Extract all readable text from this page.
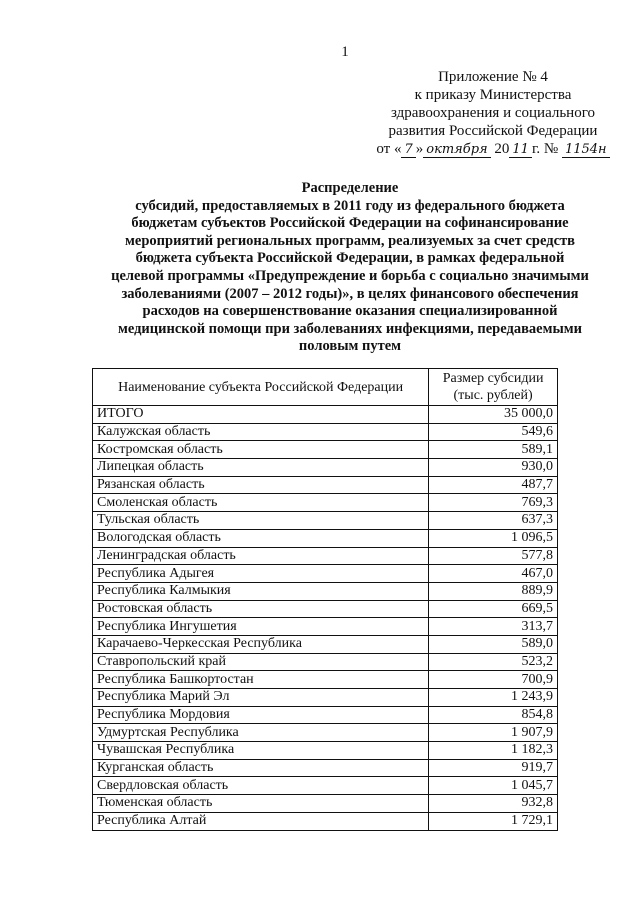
1
Приложение № 4
к приказу Министерства
здравоохранения и социального
развития Российской Федерации
от « 7 » октября 20 11 г. № 1154н
Распределение
субсидий, предоставляемых в 2011 году из федерального бюджета
бюджетам субъектов Российской Федерации на софинансирование
мероприятий региональных программ, реализуемых за счет средств
бюджета субъекта Российской Федерации, в рамках федеральной
целевой программы «Предупреждение и борьба с социально значимыми
заболеваниями (2007 – 2012 годы)», в целях финансового обеспечения
расходов на совершенствование оказания специализированной
медицинской помощи при заболеваниях инфекциями, передаваемыми
половым путем
Наименование субъекта Российской Федерации	Размер субсидии
(тыс. рублей)
ИТОГО	35 000,0
Калужская область	549,6
Костромская область	589,1
Липецкая область	930,0
Рязанская область	487,7
Смоленская область	769,3
Тульская область	637,3
Вологодская область	1 096,5
Ленинградская область	577,8
Республика Адыгея	467,0
Республика Калмыкия	889,9
Ростовская область	669,5
Республика Ингушетия	313,7
Карачаево-Черкесская Республика	589,0
Ставропольский край	523,2
Республика Башкортостан	700,9
Республика Марий Эл	1 243,9
Республика Мордовия	854,8
Удмуртская Республика	1 907,9
Чувашская Республика	1 182,3
Курганская область	919,7
Свердловская область	1 045,7
Тюменская область	932,8
Республика Алтай	1 729,1
